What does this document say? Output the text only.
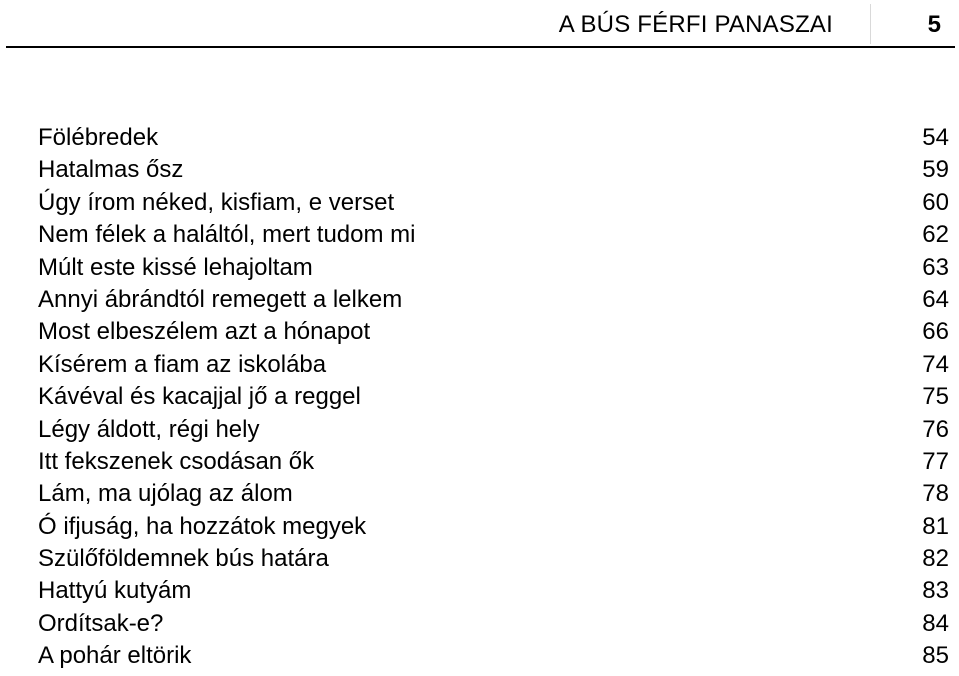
A BÚS FÉRFI PANASZAI	5
Fölébredek	54
Hatalmas ősz	59
Úgy írom néked, kisfiam, e verset	60
Nem félek a haláltól, mert tudom mi	62
Múlt este kissé lehajoltam	63
Annyi ábrándtól remegett a lelkem	64
Most elbeszélem azt a hónapot	66
Kísérem a fiam az iskolába	74
Kávéval és kacajjal jő a reggel	75
Légy áldott, régi hely	76
Itt fekszenek csodásan ők	77
Lám, ma ujólag az álom	78
Ó ifjuság, ha hozzátok megyek	81
Szülőföldemnek bús határa	82
Hattyú kutyám	83
Ordítsak-e?	84
A pohár eltörik	85
